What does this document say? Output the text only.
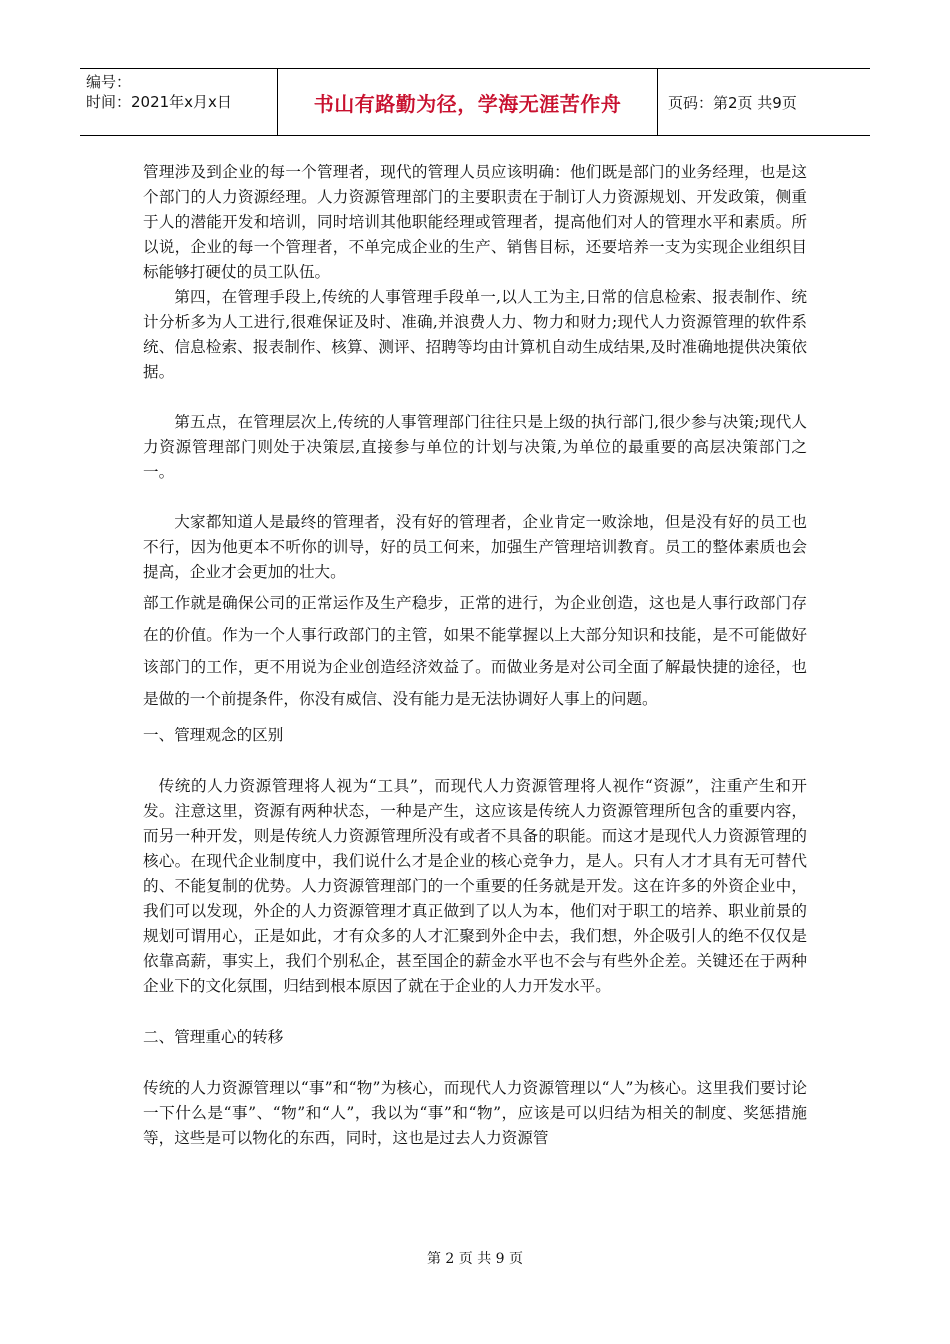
编号：
时间：2021年x月x日	书山有路勤为径，学海无涯苦作舟	页码：第2页 共9页

管理涉及到企业的每一个管理者，现代的管理人员应该明确：他们既是部门的业务经理，也是这个部门的人力资源经理。人力资源管理部门的主要职责在于制订人力资源规划、开发政策，侧重于人的潜能开发和培训，同时培训其他职能经理或管理者，提高他们对人的管理水平和素质。所以说，企业的每一个管理者，不单完成企业的生产、销售目标，还要培养一支为实现企业组织目标能够打硬仗的员工队伍。

第四，在管理手段上,传统的人事管理手段单一,以人工为主,日常的信息检索、报表制作、统计分析多为人工进行,很难保证及时、准确,并浪费人力、物力和财力;现代人力资源管理的软件系统、信息检索、报表制作、核算、测评、招聘等均由计算机自动生成结果,及时准确地提供决策依据。

第五点，在管理层次上,传统的人事管理部门往往只是上级的执行部门,很少参与决策;现代人力资源管理部门则处于决策层,直接参与单位的计划与决策,为单位的最重要的高层决策部门之一。

大家都知道人是最终的管理者，没有好的管理者，企业肯定一败涂地，但是没有好的员工也不行，因为他更本不听你的训导，好的员工何来，加强生产管理培训教育。员工的整体素质也会提高，企业才会更加的壮大。

部工作就是确保公司的正常运作及生产稳步，正常的进行，为企业创造，这也是人事行政部门存在的价值。作为一个人事行政部门的主管，如果不能掌握以上大部分知识和技能，是不可能做好该部门的工作，更不用说为企业创造经济效益了。而做业务是对公司全面了解最快捷的途径，也是做的一个前提条件，你没有威信、没有能力是无法协调好人事上的问题。

一、管理观念的区别

传统的人力资源管理将人视为“工具”，而现代人力资源管理将人视作“资源”，注重产生和开发。注意这里，资源有两种状态，一种是产生，这应该是传统人力资源管理所包含的重要内容，而另一种开发，则是传统人力资源管理所没有或者不具备的职能。而这才是现代人力资源管理的核心。在现代企业制度中，我们说什么才是企业的核心竞争力，是人。只有人才才具有无可替代的、不能复制的优势。人力资源管理部门的一个重要的任务就是开发。这在许多的外资企业中，我们可以发现，外企的人力资源管理才真正做到了以人为本，他们对于职工的培养、职业前景的规划可谓用心，正是如此，才有众多的人才汇聚到外企中去，我们想，外企吸引人的绝不仅仅是依靠高薪，事实上，我们个别私企，甚至国企的薪金水平也不会与有些外企差。关键还在于两种企业下的文化氛围，归结到根本原因了就在于企业的人力开发水平。

二、管理重心的转移

传统的人力资源管理以“事”和“物”为核心，而现代人力资源管理以“人”为核心。这里我们要讨论一下什么是“事”、“物”和“人”，我以为“事”和“物”，应该是可以归结为相关的制度、奖惩措施等，这些是可以物化的东西，同时，这也是过去人力资源管

第 2 页 共 9 页
